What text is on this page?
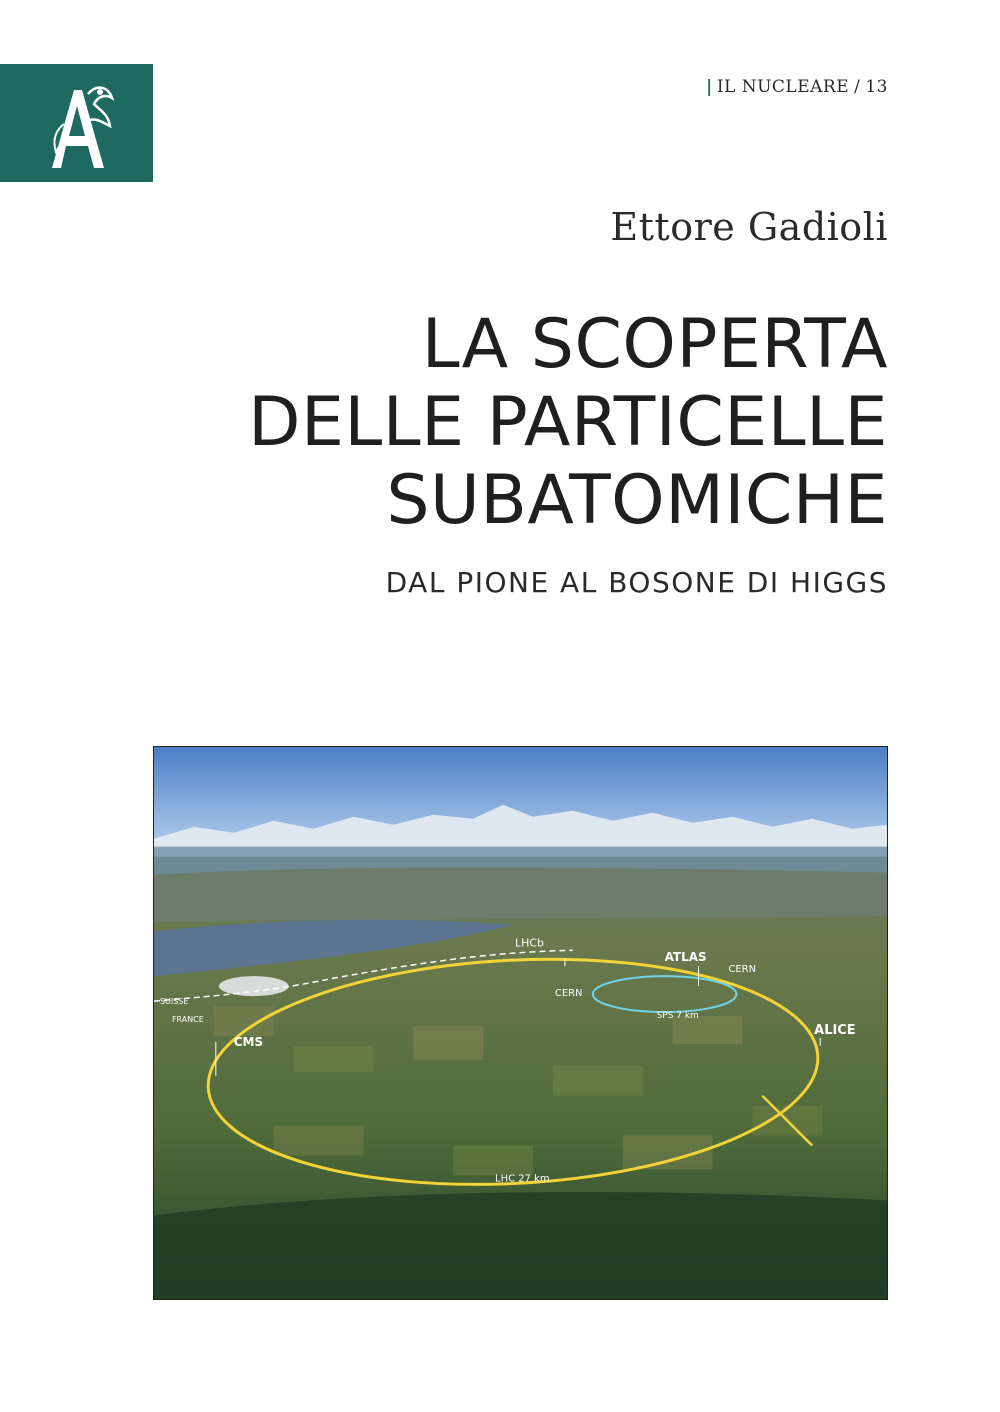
| IL NUCLEARE / 13
Ettore Gadioli
LA SCOPERTA
DELLE PARTICELLE
SUBATOMICHE
DAL PIONE AL BOSONE DI HIGGS
LHCb
ATLAS
CERN
CERN
SPS 7 km
ALICE
CMS
SUISSE
FRANCE
LHC 27 km
